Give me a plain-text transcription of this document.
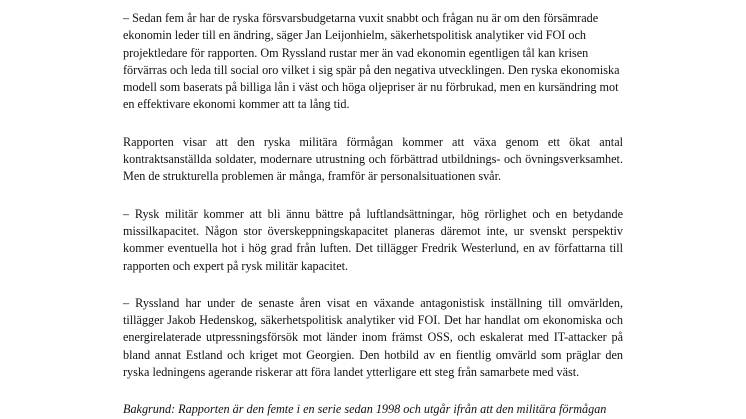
– Sedan fem år har de ryska försvarsbudgetarna vuxit snabbt och frågan nu är om den försämrade ekonomin leder till en ändring, säger Jan Leijonhielm, säkerhetspolitisk analytiker vid FOI och projektledare för rapporten. Om Ryssland rustar mer än vad ekonomin egentligen tål kan krisen förvärras och leda till social oro vilket i sig spär på den negativa utvecklingen. Den ryska ekonomiska modell som baserats på billiga lån i väst och höga oljepriser är nu förbrukad, men en kursändring mot en effektivare ekonomi kommer att ta lång tid.

Rapporten visar att den ryska militära förmågan kommer att växa genom ett ökat antal kontraktsanställda soldater, modernare utrustning och förbättrad utbildnings- och övningsverksamhet. Men de strukturella problemen är många, framför är personalsituationen svår.

– Rysk militär kommer att bli ännu bättre på luftlandsättningar, hög rörlighet och en betydande missilkapacitet. Någon stor överskeppningskapacitet planeras däremot inte, ur svenskt perspektiv kommer eventuella hot i hög grad från luften. Det tillägger Fredrik Westerlund, en av författarna till rapporten och expert på rysk militär kapacitet.

– Ryssland har under de senaste åren visat en växande antagonistisk inställning till omvärlden, tillägger Jakob Hedenskog, säkerhetspolitisk analytiker vid FOI. Det har handlat om ekonomiska och energirelaterade utpressningsförsök mot länder inom främst OSS, och eskalerat med IT-attacker på bland annat Estland och kriget mot Georgien. Den hotbild av en fientlig omvärld som präglar den ryska ledningens agerande riskerar att föra landet ytterligare ett steg från samarbete med väst.

Bakgrund: Rapporten är den femte i en serie sedan 1998 och utgår ifrån att den militära förmågan
